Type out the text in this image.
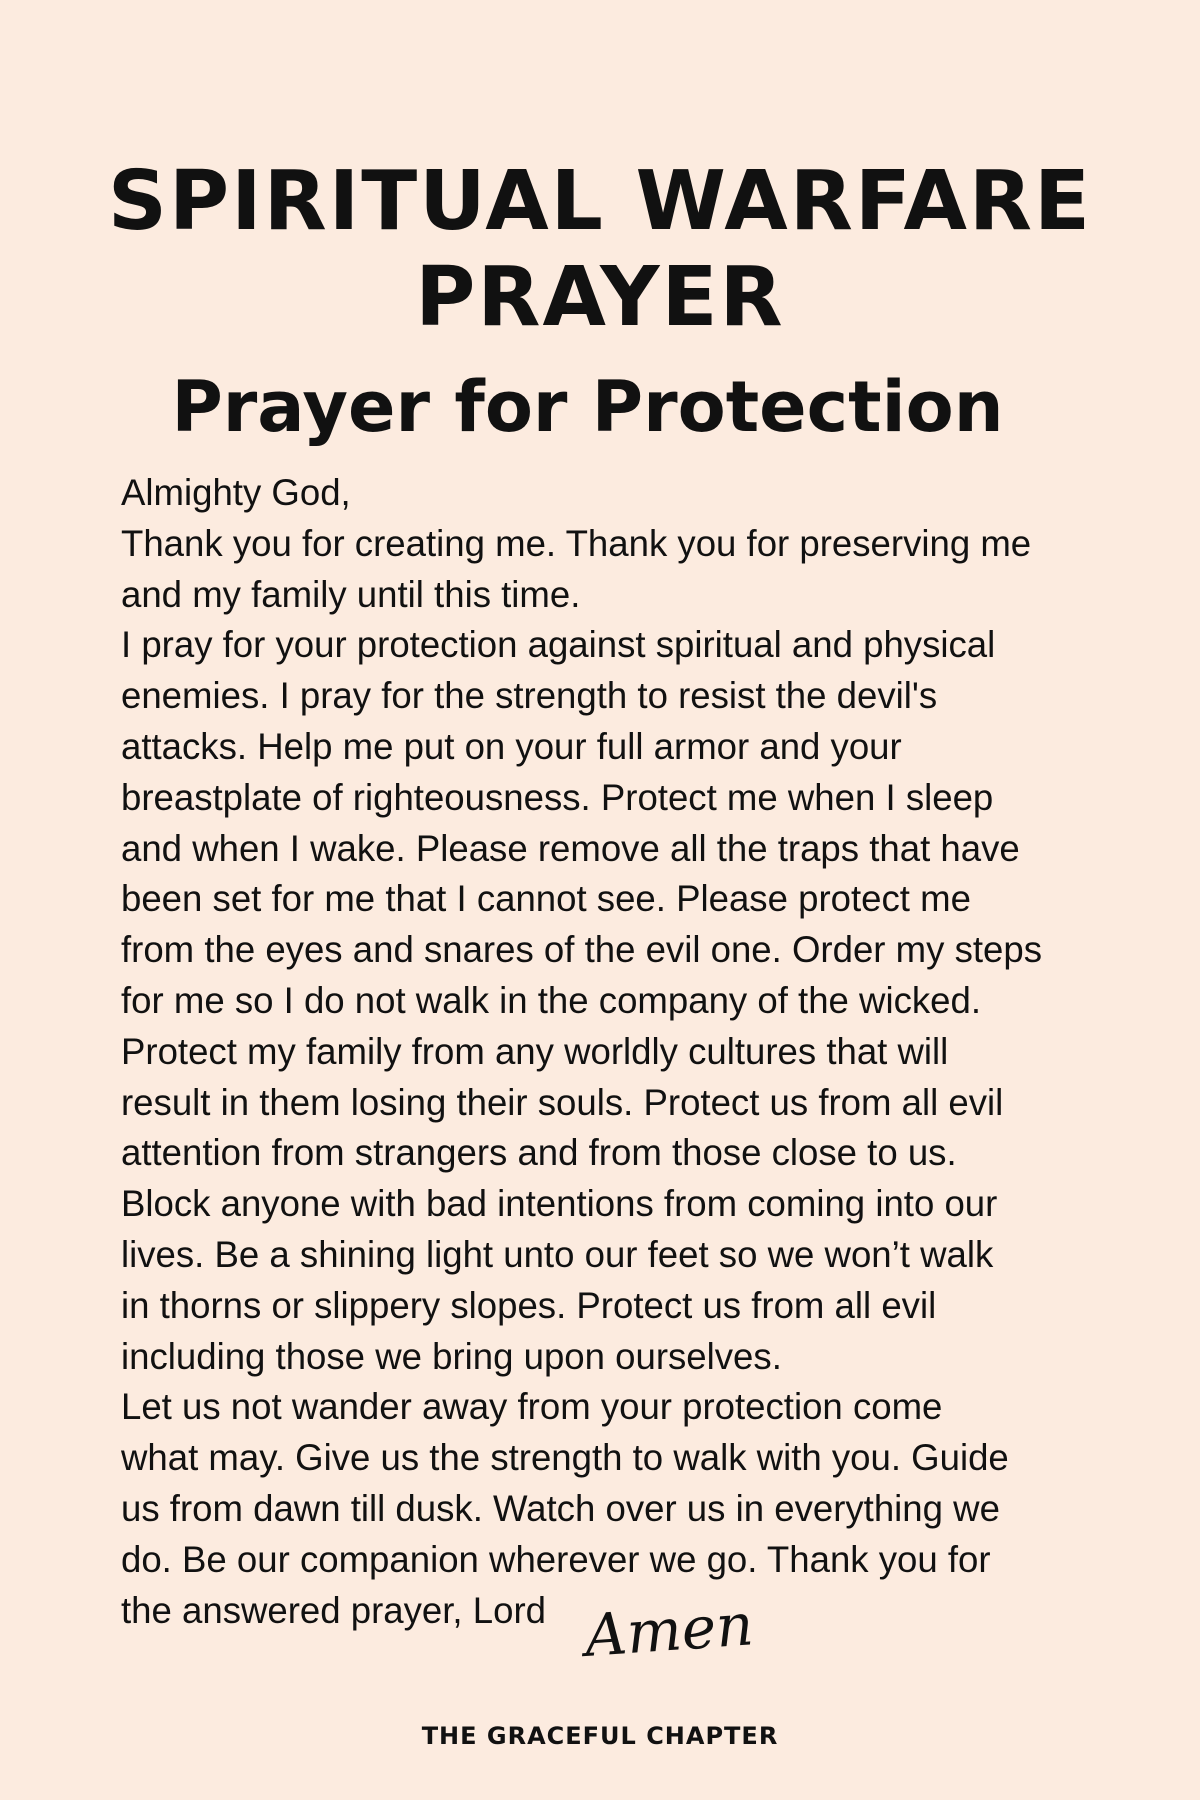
SPIRITUAL WARFARE
PRAYER
Prayer for Protection
Almighty God,
Thank you for creating me. Thank you for preserving me
and my family until this time.
I pray for your protection against spiritual and physical
enemies. I pray for the strength to resist the devil's
attacks. Help me put on your full armor and your
breastplate of righteousness. Protect me when I sleep
and when I wake. Please remove all the traps that have
been set for me that I cannot see. Please protect me
from the eyes and snares of the evil one. Order my steps
for me so I do not walk in the company of the wicked.
Protect my family from any worldly cultures that will
result in them losing their souls. Protect us from all evil
attention from strangers and from those close to us.
Block anyone with bad intentions from coming into our
lives. Be a shining light unto our feet so we won’t walk
in thorns or slippery slopes. Protect us from all evil
including those we bring upon ourselves.
Let us not wander away from your protection come
what may. Give us the strength to walk with you. Guide
us from dawn till dusk. Watch over us in everything we
do. Be our companion wherever we go. Thank you for
the answered prayer, Lord Amen
THE GRACEFUL CHAPTER
